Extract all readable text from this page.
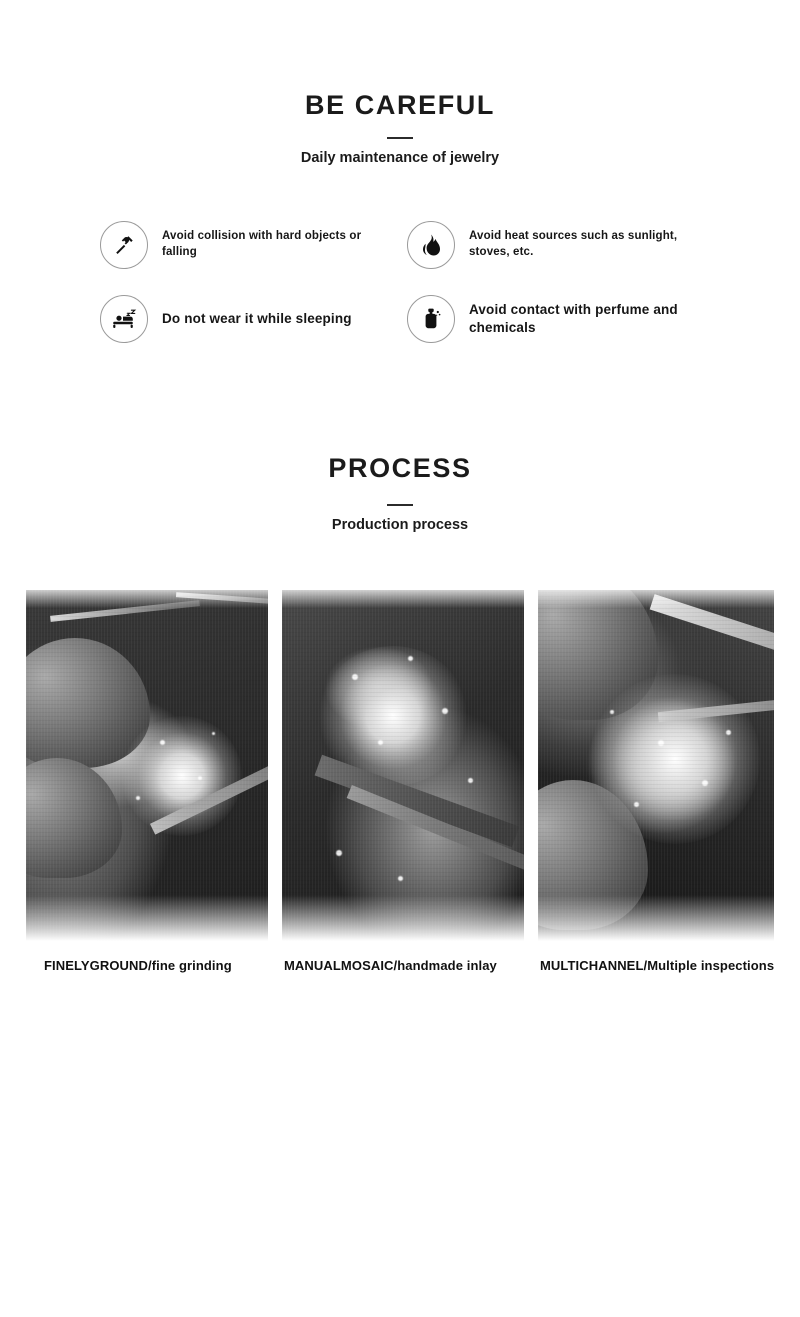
BE CAREFUL
Daily maintenance of jewelry
Avoid collision with hard objects or falling
Avoid heat sources such as sunlight, stoves, etc.
Do not wear it while sleeping
Avoid contact with perfume and chemicals
PROCESS
Production process
FINELYGROUND/fine grinding	MANUALMOSAIC/handmade inlay	MULTICHANNEL/Multiple inspections
